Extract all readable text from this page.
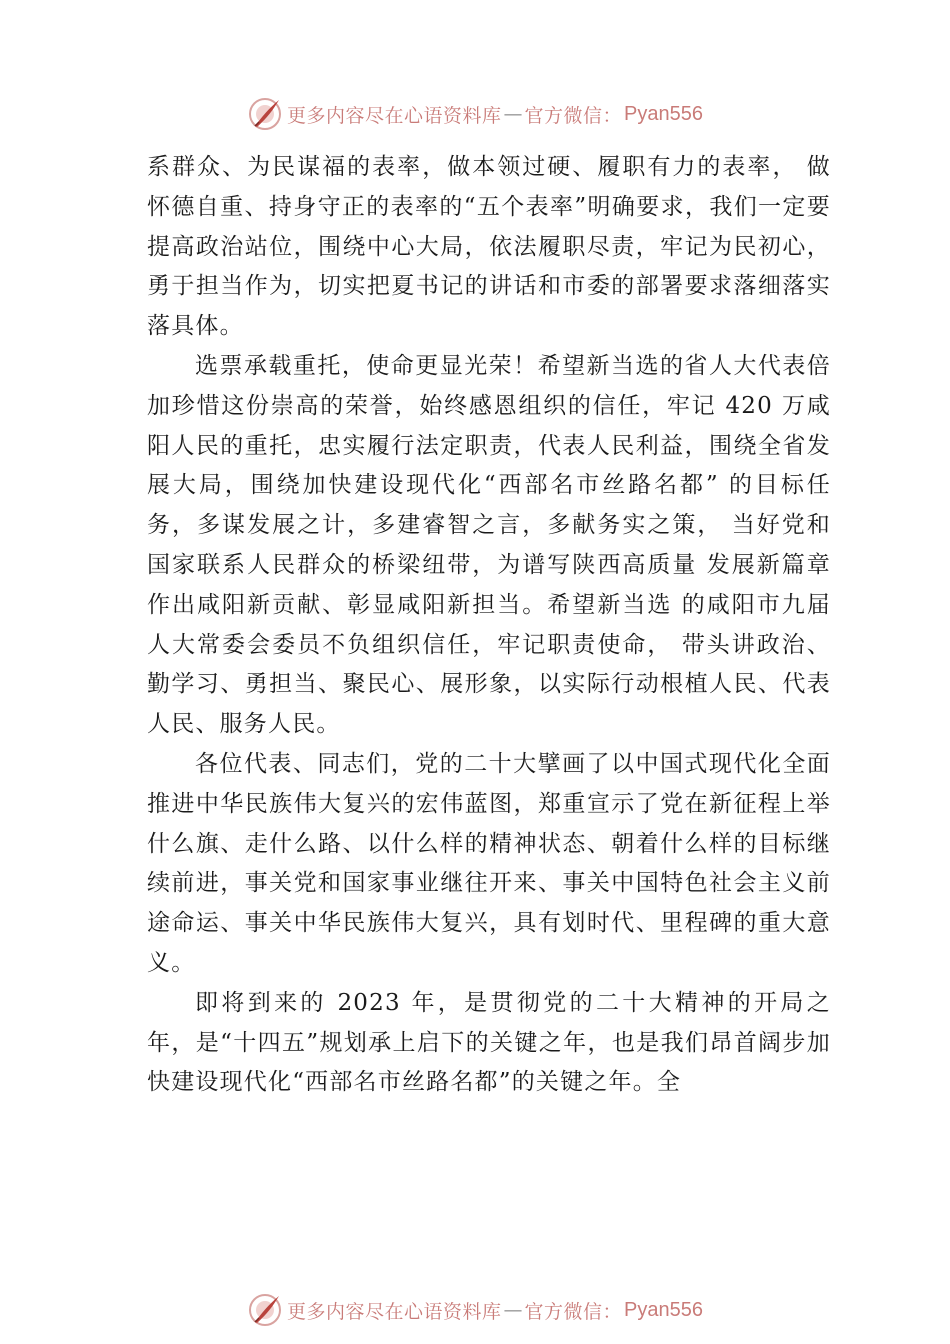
更多内容尽在心语资料库 — 官方微信： Pyan556

系群众、为民谋福的表率，做本领过硬、履职有力的表率， 做怀德自重、持身守正的表率的“五个表率”明确要求，我们一定要提高政治站位，围绕中心大局，依法履职尽责，牢记为民初心，勇于担当作为，切实把夏书记的讲话和市委的部署要求落细落实落具体。

选票承载重托，使命更显光荣！希望新当选的省人大代表倍加珍惜这份崇高的荣誉，始终感恩组织的信任，牢记 420 万咸阳人民的重托，忠实履行法定职责，代表人民利益，围绕全省发展大局，围绕加快建设现代化“西部名市丝路名都” 的目标任务，多谋发展之计，多建睿智之言，多献务实之策， 当好党和国家联系人民群众的桥梁纽带，为谱写陕西高质量 发展新篇章作出咸阳新贡献、彰显咸阳新担当。希望新当选 的咸阳市九届人大常委会委员不负组织信任，牢记职责使命， 带头讲政治、勤学习、勇担当、聚民心、展形象，以实际行动根植人民、代表人民、服务人民。

各位代表、同志们，党的二十大擘画了以中国式现代化全面推进中华民族伟大复兴的宏伟蓝图，郑重宣示了党在新征程上举什么旗、走什么路、以什么样的精神状态、朝着什么样的目标继续前进，事关党和国家事业继往开来、事关中国特色社会主义前途命运、事关中华民族伟大复兴，具有划时代、里程碑的重大意义。

即将到来的 2023 年，是贯彻党的二十大精神的开局之年，是“十四五”规划承上启下的关键之年，也是我们昂首阔步加快建设现代化“西部名市丝路名都”的关键之年。全

更多内容尽在心语资料库 — 官方微信： Pyan556
